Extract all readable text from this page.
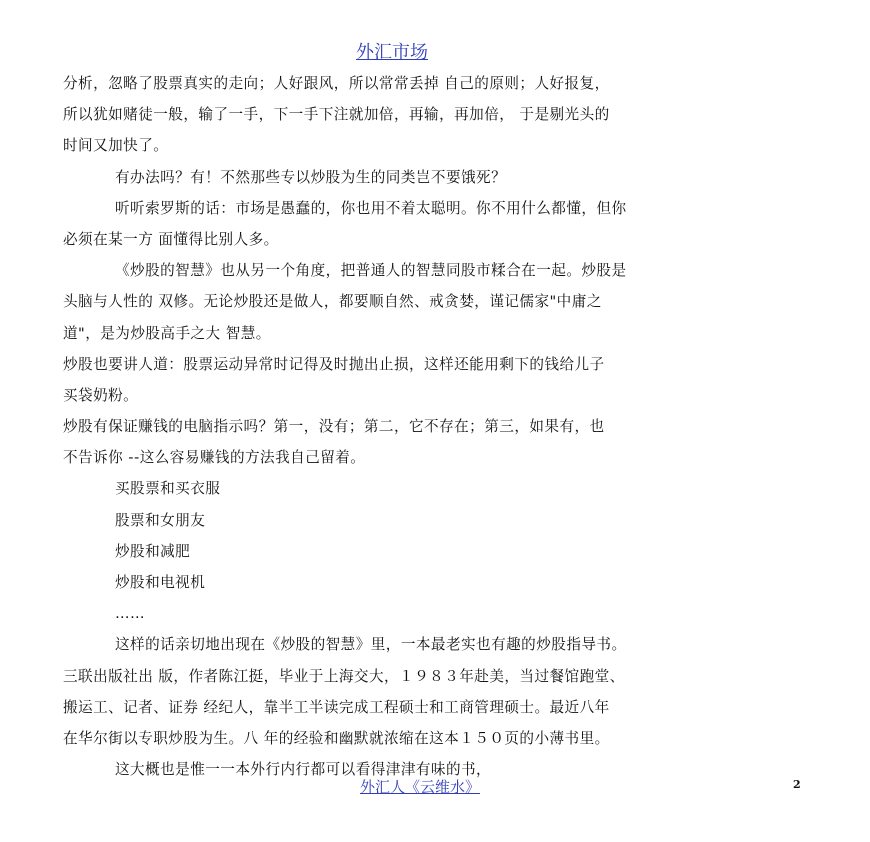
外汇市场
分析，忽略了股票真实的走向；人好跟风，所以常常丢掉 自己的原则；人好报复，
所以犹如赌徒一般，输了一手，下一手下注就加倍，再输，再加倍， 于是剔光头的
时间又加快了。
有办法吗？有！不然那些专以炒股为生的同类岂不要饿死？
听听索罗斯的话：市场是愚蠢的，你也用不着太聪明。你不用什么都懂，但你
必须在某一方 面懂得比别人多。
《炒股的智慧》也从另一个角度，把普通人的智慧同股市糅合在一起。炒股是
头脑与人性的 双修。无论炒股还是做人，都要顺自然、戒贪婪，谨记儒家"中庸之
道"，是为炒股高手之大 智慧。
炒股也要讲人道：股票运动异常时记得及时抛出止损，这样还能用剩下的钱给儿子
买袋奶粉。
炒股有保证赚钱的电脑指示吗？第一，没有；第二，它不存在；第三，如果有，也
不告诉你 --这么容易赚钱的方法我自己留着。
买股票和买衣服
股票和女朋友
炒股和减肥
炒股和电视机
……
这样的话亲切地出现在《炒股的智慧》里，一本最老实也有趣的炒股指导书。
三联出版社出 版，作者陈江挺，毕业于上海交大，１９８３年赴美，当过餐馆跑堂、
搬运工、记者、证券 经纪人，靠半工半读完成工程硕士和工商管理硕士。最近八年
在华尔街以专职炒股为生。八 年的经验和幽默就浓缩在这本１５０页的小薄书里。
这大概也是惟一一本外行内行都可以看得津津有味的书，
外汇人《云维水》	2
